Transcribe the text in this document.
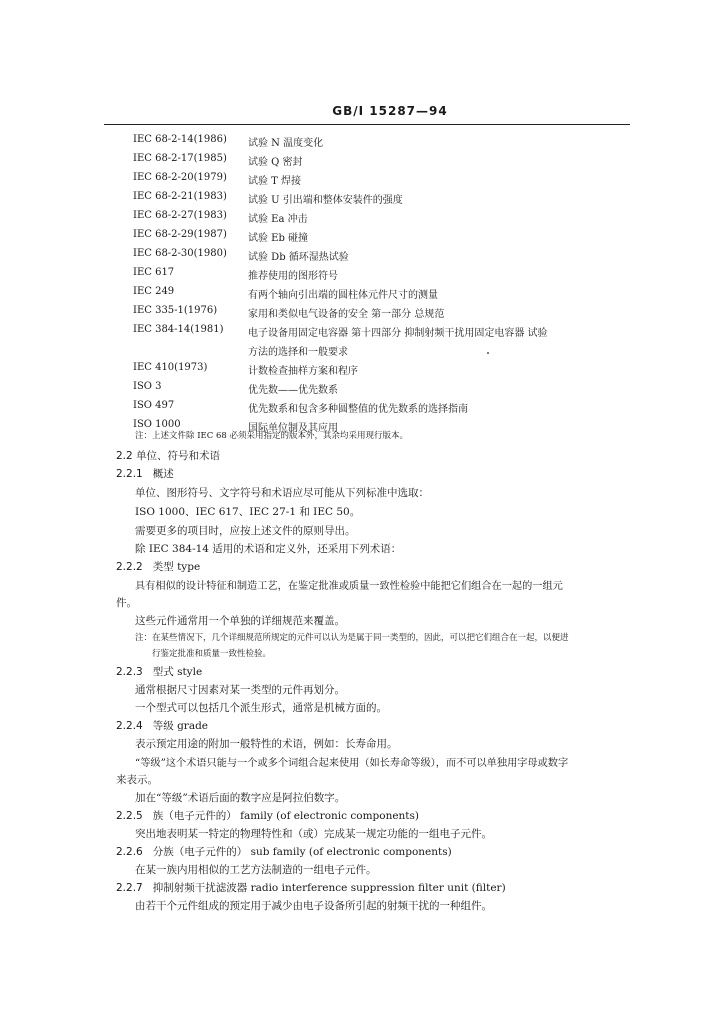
GB/I 15287—94
IEC 68-2-14(1986) 试验 N 温度变化
IEC 68-2-17(1985) 试验 Q 密封
IEC 68-2-20(1979) 试验 T 焊接
IEC 68-2-21(1983) 试验 U 引出端和整体安装件的强度
IEC 68-2-27(1983) 试验 Ea 冲击
IEC 68-2-29(1987) 试验 Eb 碰撞
IEC 68-2-30(1980) 试验 Db 循环湿热试验
IEC 617	推荐使用的图形符号
IEC 249	有两个轴向引出端的圆柱体元件尺寸的测量
IEC 335-1(1976)	家用和类似电气设备的安全 第一部分 总规范
IEC 384-14(1981) 电子设备用固定电容器 第十四部分 抑制射频干扰用固定电容器 试验
方法的选择和一般要求
IEC 410(1973)	计数检查抽样方案和程序
ISO 3	优先数——优先数系
ISO 497	优先数系和包含多种圆整值的优先数系的选择指南
ISO 1000	国际单位制及其应用
注：上述文件除 IEC 68 必须采用指定的版本外，其余均采用现行版本。
2.2 单位、符号和术语
2.2.1 概述
单位、图形符号、文字符号和术语应尽可能从下列标准中选取：
ISO 1000、IEC 617、IEC 27-1 和 IEC 50。
需要更多的项目时，应按上述文件的原则导出。
除 IEC 384-14 适用的术语和定义外，还采用下列术语：
2.2.2 类型 type
具有相似的设计特征和制造工艺，在鉴定批准或质量一致性检验中能把它们组合在一起的一组元
件。
这些元件通常用一个单独的详细规范来覆盖。
注：在某些情况下，几个详细规范所规定的元件可以认为是属于同一类型的，因此，可以把它们组合在一起，以便进
行鉴定批准和质量一致性检验。
2.2.3 型式 style
通常根据尺寸因素对某一类型的元件再划分。
一个型式可以包括几个派生形式，通常是机械方面的。
2.2.4 等级 grade
表示预定用途的附加一般特性的术语，例如：长寿命用。
“等级”这个术语只能与一个或多个词组合起来使用（如长寿命等级），而不可以单独用字母或数字
来表示。
加在“等级”术语后面的数字应是阿拉伯数字。
2.2.5 族（电子元件的） family (of electronic components)
突出地表明某一特定的物理特性和（或）完成某一规定功能的一组电子元件。
2.2.6 分族（电子元件的） sub family (of electronic components)
在某一族内用相似的工艺方法制造的一组电子元件。
2.2.7 抑制射频干扰滤波器 radio interference suppression filter unit (filter)
由若干个元件组成的预定用于减少由电子设备所引起的射频干扰的一种组件。
